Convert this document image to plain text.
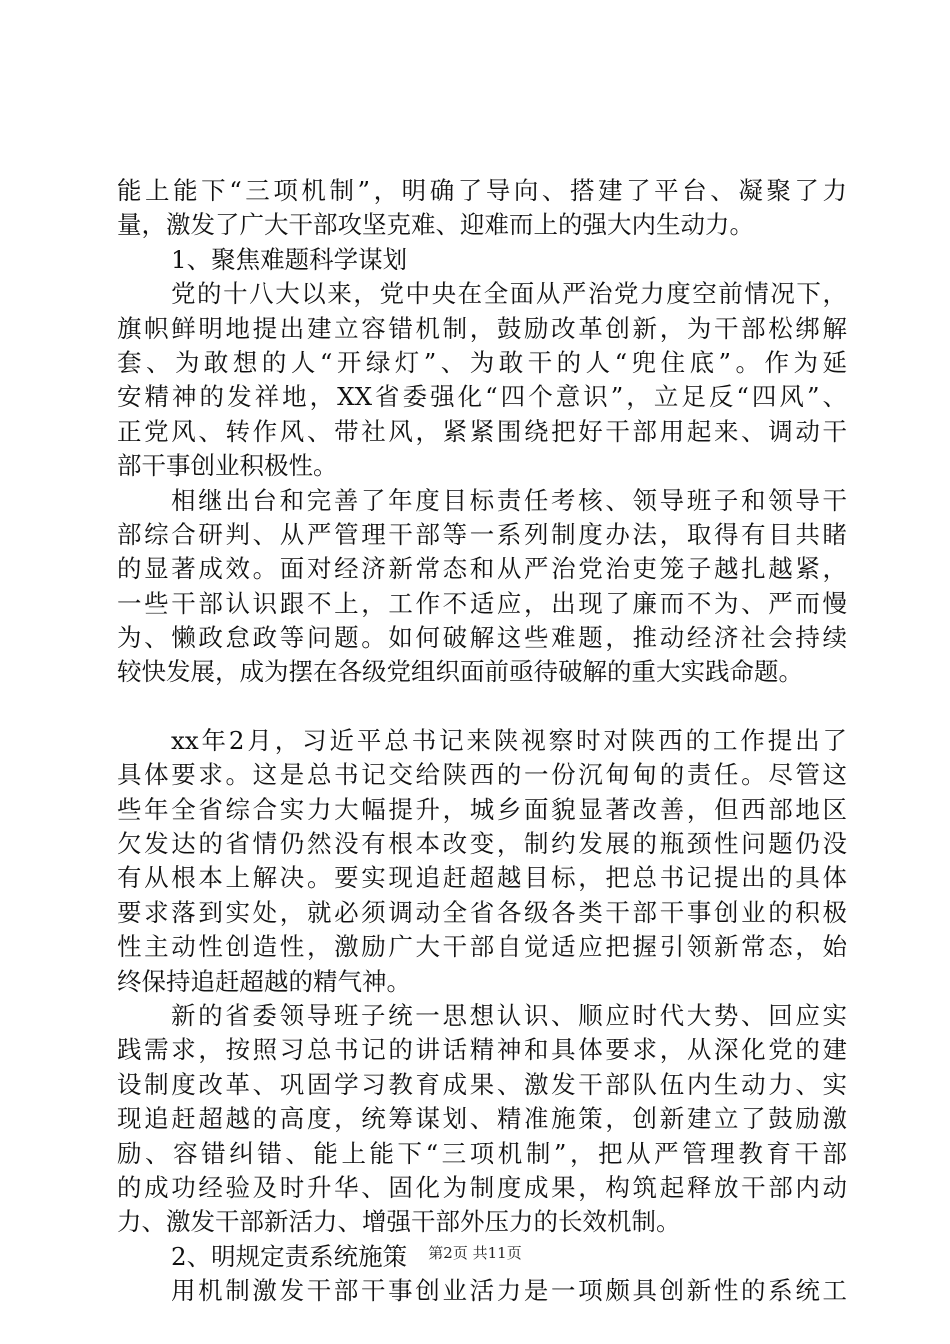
能上能下“三项机制”，明确了导向、搭建了平台、凝聚了力
量，激发了广大干部攻坚克难、迎难而上的强大内生动力。
1、聚焦难题科学谋划
党的十八大以来，党中央在全面从严治党力度空前情况下，
旗帜鲜明地提出建立容错机制，鼓励改革创新，为干部松绑解
套、为敢想的人“开绿灯”、为敢干的人“兜住底”。作为延
安精神的发祥地，XX省委强化“四个意识”，立足反“四风”、
正党风、转作风、带社风，紧紧围绕把好干部用起来、调动干
部干事创业积极性。
相继出台和完善了年度目标责任考核、领导班子和领导干
部综合研判、从严管理干部等一系列制度办法，取得有目共睹
的显著成效。面对经济新常态和从严治党治吏笼子越扎越紧，
一些干部认识跟不上，工作不适应，出现了廉而不为、严而慢
为、懒政怠政等问题。如何破解这些难题，推动经济社会持续
较快发展，成为摆在各级党组织面前亟待破解的重大实践命题。
xx年2月，习近平总书记来陕视察时对陕西的工作提出了
具体要求。这是总书记交给陕西的一份沉甸甸的责任。尽管这
些年全省综合实力大幅提升，城乡面貌显著改善，但西部地区
欠发达的省情仍然没有根本改变，制约发展的瓶颈性问题仍没
有从根本上解决。要实现追赶超越目标，把总书记提出的具体
要求落到实处，就必须调动全省各级各类干部干事创业的积极
性主动性创造性，激励广大干部自觉适应把握引领新常态，始
终保持追赶超越的精气神。
新的省委领导班子统一思想认识、顺应时代大势、回应实
践需求，按照习总书记的讲话精神和具体要求，从深化党的建
设制度改革、巩固学习教育成果、激发干部队伍内生动力、实
现追赶超越的高度，统筹谋划、精准施策，创新建立了鼓励激
励、容错纠错、能上能下“三项机制”，把从严管理教育干部
的成功经验及时升华、固化为制度成果，构筑起释放干部内动
力、激发干部新活力、增强干部外压力的长效机制。
2、明规定责系统施策
用机制激发干部干事创业活力是一项颇具创新性的系统工
第2页 共11页
